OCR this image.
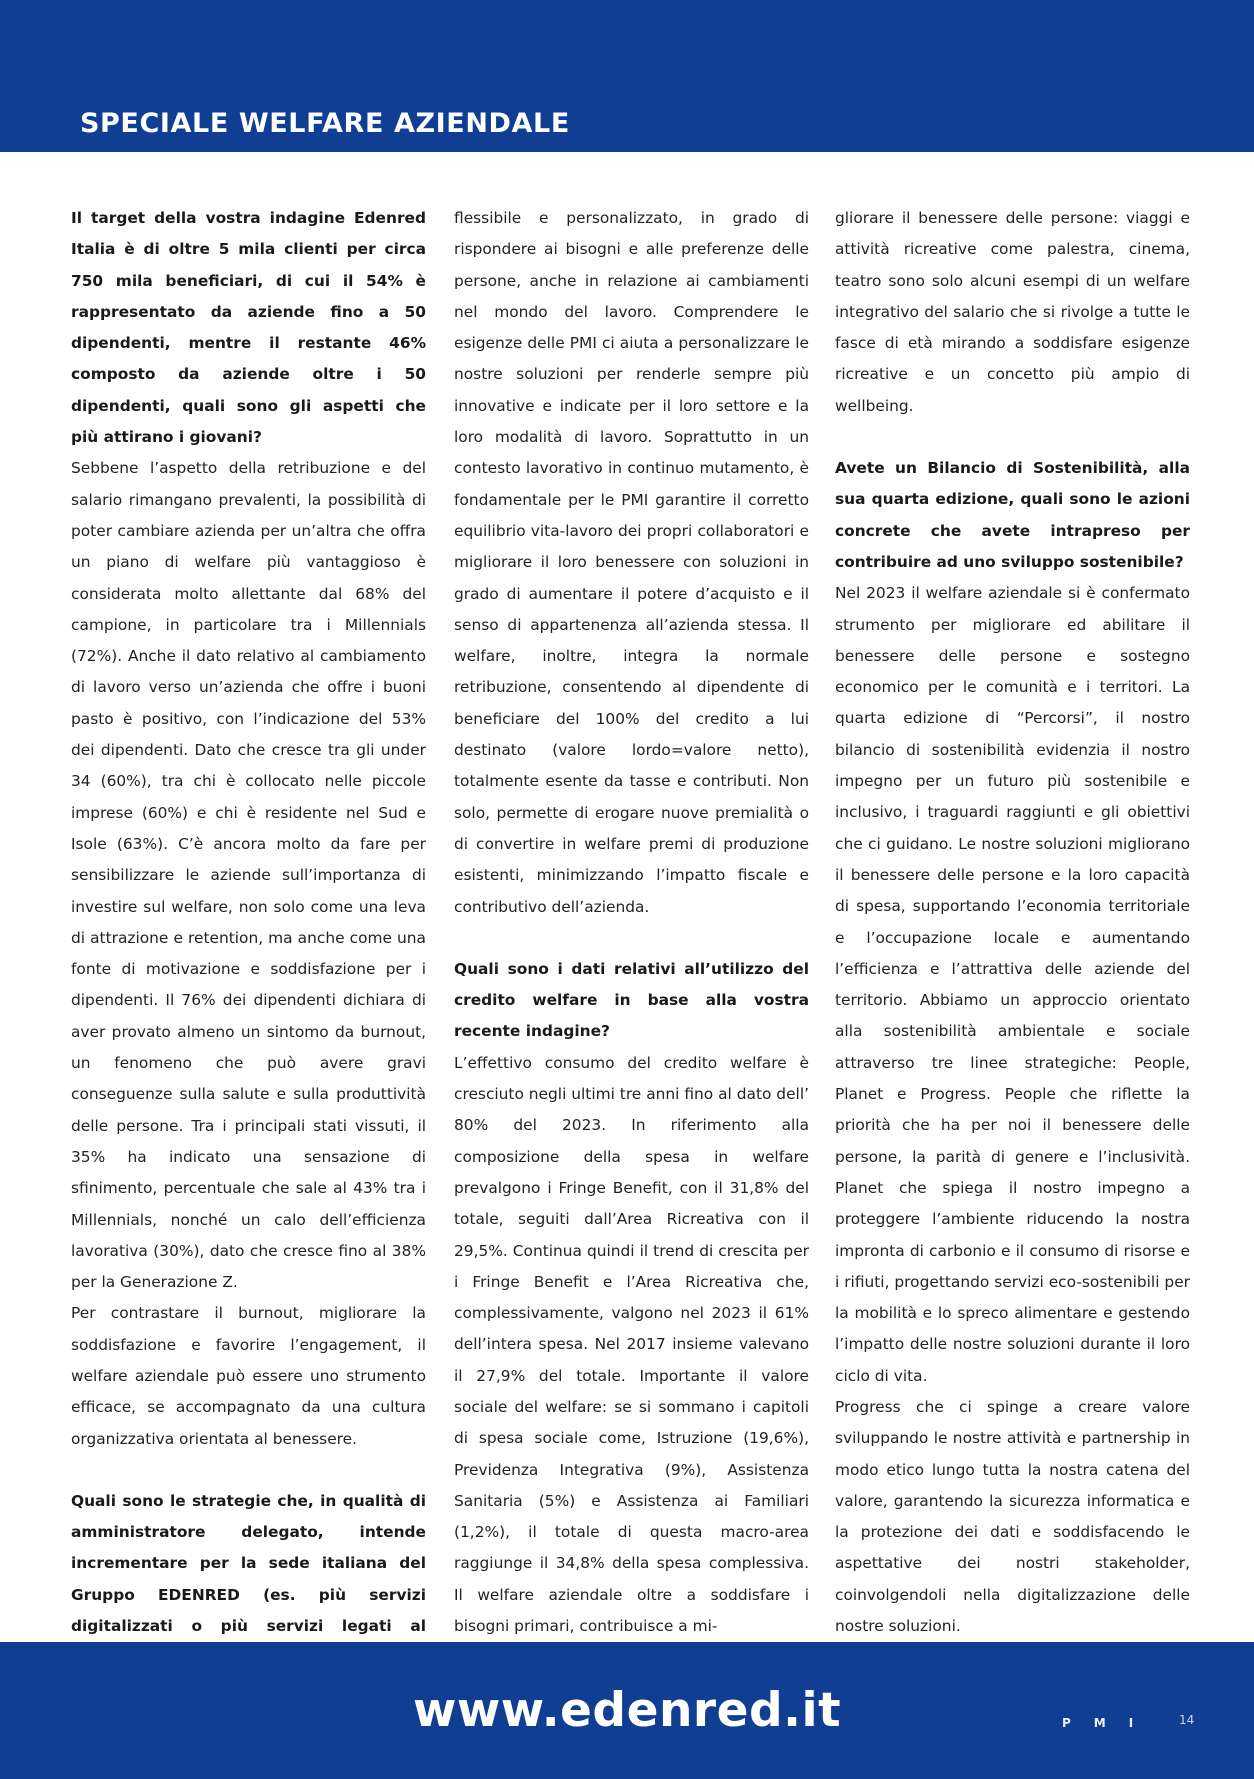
SPECIALE WELFARE AZIENDALE

Il target della vostra indagine Edenred Italia è di oltre 5 mila clienti per circa 750 mila beneficiari, di cui il 54% è rappresentato da aziende fino a 50 dipendenti, mentre il restante 46% composto da aziende oltre i 50 dipendenti, quali sono gli aspetti che più attirano i giovani?

Sebbene l’aspetto della retribuzione e del salario rimangano prevalenti, la possibilità di poter cambiare azienda per un’altra che offra un piano di welfare più vantaggioso è considerata molto allettante dal 68% del campione, in particolare tra i Millennials (72%). Anche il dato relativo al cambiamento di lavoro verso un’azienda che offre i buoni pasto è positivo, con l’indicazione del 53% dei dipendenti. Dato che cresce tra gli under 34 (60%), tra chi è collocato nelle piccole imprese (60%) e chi è residente nel Sud e Isole (63%). C’è ancora molto da fare per sensibilizzare le aziende sull’importanza di investire sul welfare, non solo come una leva di attrazione e retention, ma anche come una fonte di motivazione e soddisfazione per i dipendenti. Il 76% dei dipendenti dichiara di aver provato almeno un sintomo da burnout, un fenomeno che può avere gravi conseguenze sulla salute e sulla produttività delle persone. Tra i principali stati vissuti, il 35% ha indicato una sensazione di sfinimento, percentuale che sale al 43% tra i Millennials, nonché un calo dell’efficienza lavorativa (30%), dato che cresce fino al 38% per la Generazione Z.

Per contrastare il burnout, migliorare la soddisfazione e favorire l’engagement, il welfare aziendale può essere uno strumento efficace, se accompagnato da una cultura organizzativa orientata al benessere.

Quali sono le strategie che, in qualità di amministratore delegato, intende incrementare per la sede italiana del Gruppo EDENRED (es. più servizi digitalizzati o più servizi legati al

flessibile e personalizzato, in grado di rispondere ai bisogni e alle preferenze delle persone, anche in relazione ai cambiamenti nel mondo del lavoro. Comprendere le esigenze delle PMI ci aiuta a personalizzare le nostre soluzioni per renderle sempre più innovative e indicate per il loro settore e la loro modalità di lavoro. Soprattutto in un contesto lavorativo in continuo mutamento, è fondamentale per le PMI garantire il corretto equilibrio vita-lavoro dei propri collaboratori e migliorare il loro benessere con soluzioni in grado di aumentare il potere d’acquisto e il senso di appartenenza all’azienda stessa. Il welfare, inoltre, integra la normale retribuzione, consentendo al dipendente di beneficiare del 100% del credito a lui destinato (valore lordo=valore netto), totalmente esente da tasse e contributi. Non solo, permette di erogare nuove premialità o di convertire in welfare premi di produzione esistenti, minimizzando l’impatto fiscale e contributivo dell’azienda.

Quali sono i dati relativi all’utilizzo del credito welfare in base alla vostra recente indagine?

L’effettivo consumo del credito welfare è cresciuto negli ultimi tre anni fino al dato dell’ 80% del 2023. In riferimento alla composizione della spesa in welfare prevalgono i Fringe Benefit, con il 31,8% del totale, seguiti dall’Area Ricreativa con il 29,5%. Continua quindi il trend di crescita per i Fringe Benefit e l’Area Ricreativa che, complessivamente, valgono nel 2023 il 61% dell’intera spesa. Nel 2017 insieme valevano il 27,9% del totale. Importante il valore sociale del welfare: se si sommano i capitoli di spesa sociale come, Istruzione (19,6%), Previdenza Integrativa (9%), Assistenza Sanitaria (5%) e Assistenza ai Familiari (1,2%), il totale di questa macro-area raggiunge il 34,8% della spesa complessiva. Il welfare aziendale oltre a soddisfare i bisogni primari, contribuisce a mi-

gliorare il benessere delle persone: viaggi e attività ricreative come palestra, cinema, teatro sono solo alcuni esempi di un welfare integrativo del salario che si rivolge a tutte le fasce di età mirando a soddisfare esigenze ricreative e un concetto più ampio di wellbeing.

Avete un Bilancio di Sostenibilità, alla sua quarta edizione, quali sono le azioni concrete che avete intrapreso per contribuire ad uno sviluppo sostenibile?

Nel 2023 il welfare aziendale si è confermato strumento per migliorare ed abilitare il benessere delle persone e sostegno economico per le comunità e i territori. La quarta edizione di “Percorsi”, il nostro bilancio di sostenibilità evidenzia il nostro impegno per un futuro più sostenibile e inclusivo, i traguardi raggiunti e gli obiettivi che ci guidano. Le nostre soluzioni migliorano il benessere delle persone e la loro capacità di spesa, supportando l’economia territoriale e l’occupazione locale e aumentando l’efficienza e l’attrattiva delle aziende del territorio. Abbiamo un approccio orientato alla sostenibilità ambientale e sociale attraverso tre linee strategiche: People, Planet e Progress. People che riflette la priorità che ha per noi il benessere delle persone, la parità di genere e l’inclusività. Planet che spiega il nostro impegno a proteggere l’ambiente riducendo la nostra impronta di carbonio e il consumo di risorse e i rifiuti, progettando servizi eco-sostenibili per la mobilità e lo spreco alimentare e gestendo l’impatto delle nostre soluzioni durante il loro ciclo di vita.

Progress che ci spinge a creare valore sviluppando le nostre attività e partnership in modo etico lungo tutta la nostra catena del valore, garantendo la sicurezza informatica e la protezione dei dati e soddisfacendo le aspettative dei nostri stakeholder, coinvolgendoli nella digitalizzazione delle nostre soluzioni.

www.edenred.it	PMI 14
